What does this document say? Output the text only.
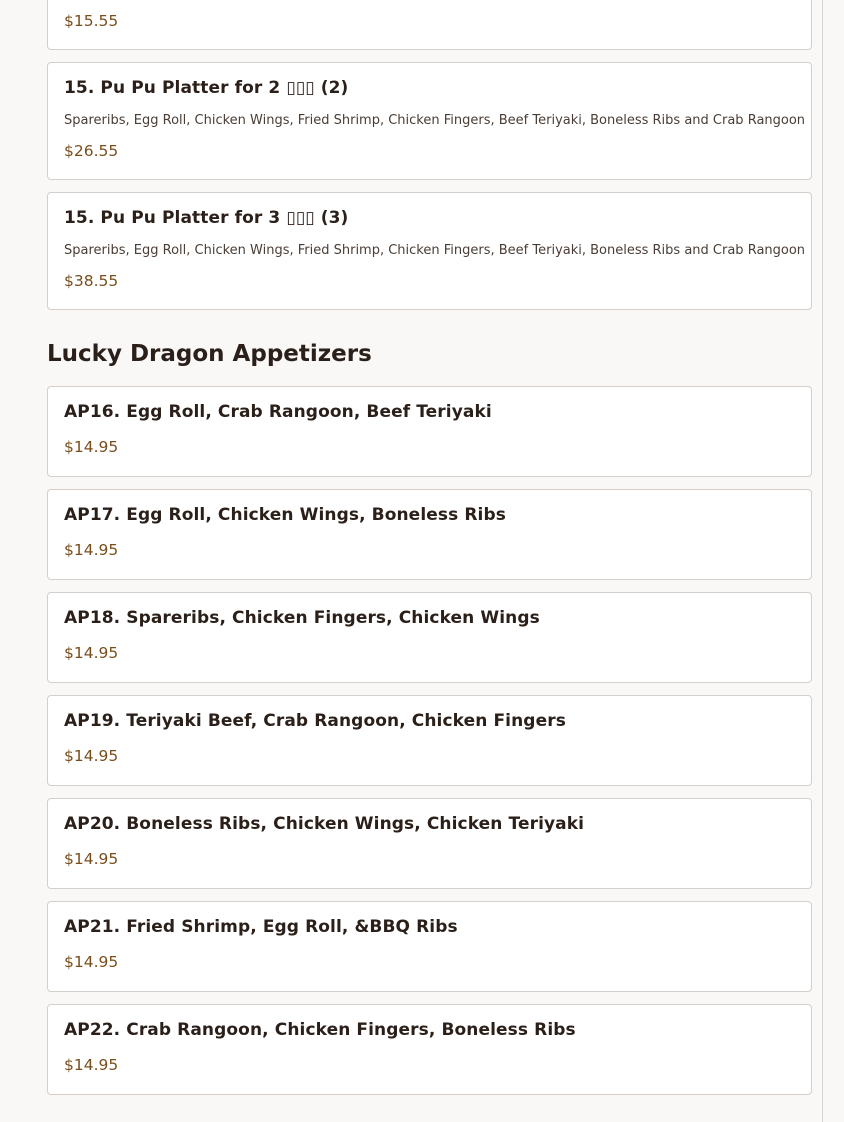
$15.55
15. Pu Pu Platter for 2 ▯▯▯ (2)
Spareribs, Egg Roll, Chicken Wings, Fried Shrimp, Chicken Fingers, Beef Teriyaki, Boneless Ribs and Crab Rangoon
$26.55
15. Pu Pu Platter for 3 ▯▯▯ (3)
Spareribs, Egg Roll, Chicken Wings, Fried Shrimp, Chicken Fingers, Beef Teriyaki, Boneless Ribs and Crab Rangoon
$38.55
Lucky Dragon Appetizers
AP16. Egg Roll, Crab Rangoon, Beef Teriyaki
$14.95
AP17. Egg Roll, Chicken Wings, Boneless Ribs
$14.95
AP18. Spareribs, Chicken Fingers, Chicken Wings
$14.95
AP19. Teriyaki Beef, Crab Rangoon, Chicken Fingers
$14.95
AP20. Boneless Ribs, Chicken Wings, Chicken Teriyaki
$14.95
AP21. Fried Shrimp, Egg Roll, &BBQ Ribs
$14.95
AP22. Crab Rangoon, Chicken Fingers, Boneless Ribs
$14.95
